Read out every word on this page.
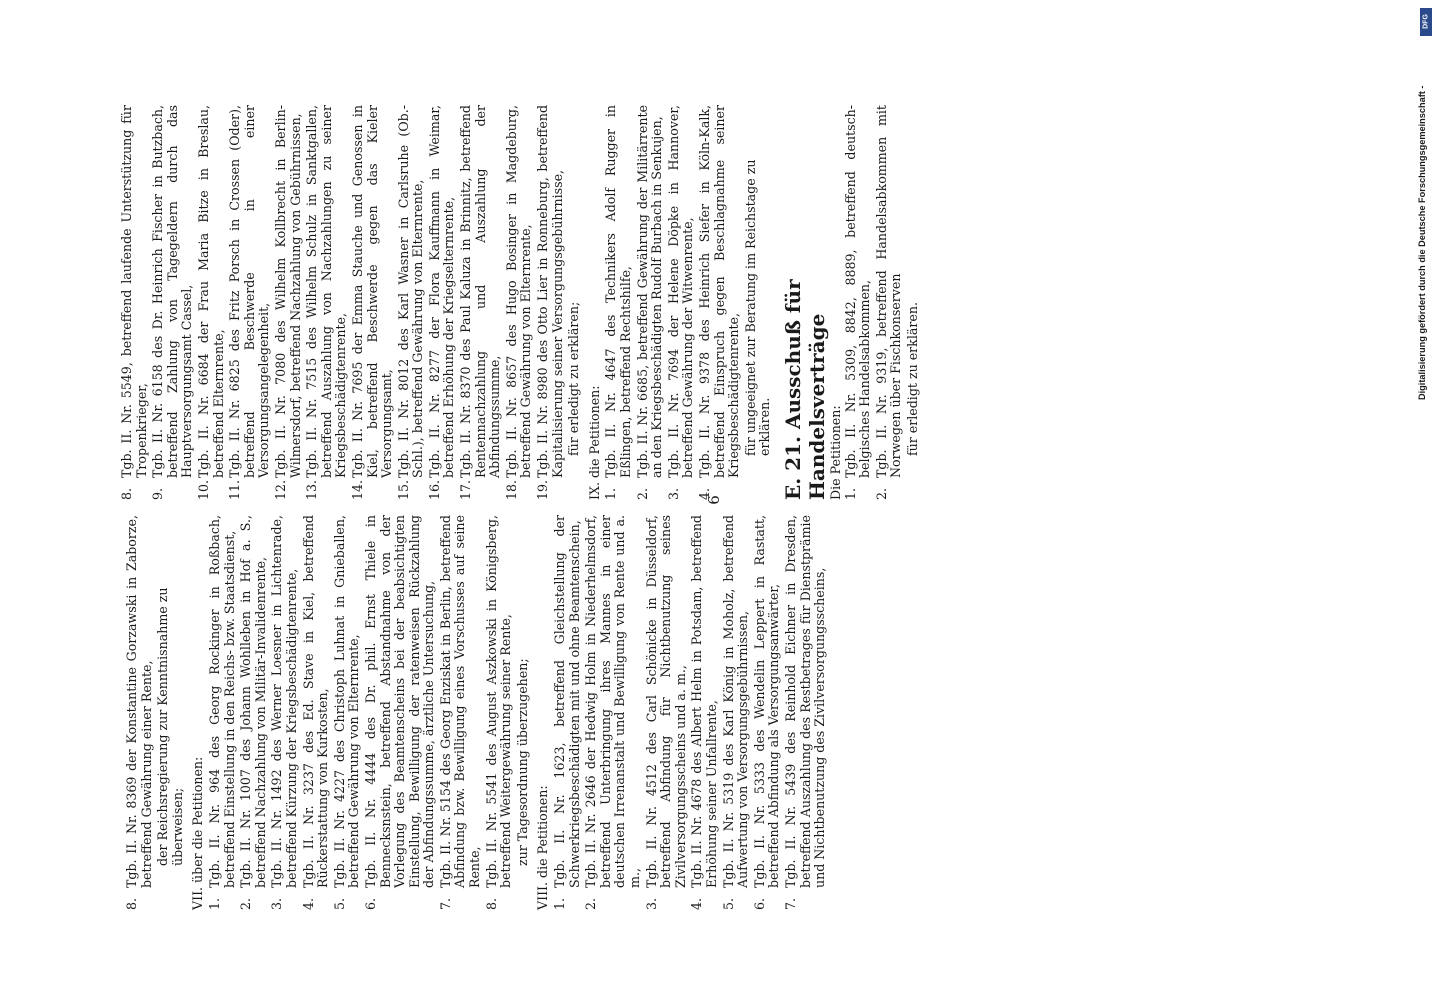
6
8.
Tgb. II. Nr. 8369 der Konstantine Gorzawski in Zaborze, betreffend Gewährung einer Rente, der Reichsregierung zur Kenntnisnahme zu überweisen; VII. über die Petitionen: 1.
Tgb. II. Nr. 964 des Georg Rockinger in Roßbach, betreffend Einstellung in den Reichs- bzw. Staatsdienst,
2.
Tgb. II. Nr. 1007 des Johann Wohlleben in Hof a. S., betreffend Nachzahlung von Militär-Invalidenrente,
3.
Tgb. II. Nr. 1492 des Werner Loesner in Lichtenrade, betreffend Kürzung der Kriegsbeschädigtenrente,
4.
Tgb. II. Nr. 3237 des Ed. Stave in Kiel, betreffend Rückerstattung von Kurkosten,
5.
Tgb. II. Nr. 4227 des Christoph Luhnat in Gnieballen, betreffend Gewährung von Elternrente,
6.
Tgb. II. Nr. 4444 des Dr. phil. Ernst Thiele in Bennecksnstein, betreffend Abstandnahme von der Vorlegung des Beamtenscheins bei der beabsichtigten Einstellung, Bewilligung der ratenweisen Rückzahlung der Abfindungssumme, ärztliche Untersuchung,
7.
Tgb. II. Nr. 5154 des Georg Enziskat in Berlin, betreffend Abfindung bzw. Bewilligung eines Vorschusses auf seine Rente,
8.
Tgb. II. Nr. 5541 des August Aszkowski in Königsberg, betreffend Weitergewährung seiner Rente, zur Tagesordnung überzugehen; VIII. die Petitionen: 1.
Tgb. II. Nr. 1623, betreffend Gleichstellung der Schwerkriegsbeschädigten mit und ohne Beamtenschein,
2.
Tgb. II. Nr. 2646 der Hedwig Holm in Niederhelmsdorf, betreffend Unterbringung ihres Mannes in einer deutschen Irrenanstalt und Bewilligung von Rente und a. m.,
3.
Tgb. II. Nr. 4512 des Carl Schönicke in Düsseldorf, betreffend Abfindung für Nichtbenutzung seines Zivilversorgungsscheins und a. m.,
4.
Tgb. II. Nr. 4678 des Albert Helm in Potsdam, betreffend Erhöhung seiner Unfallrente,
5.
Tgb. II. Nr. 5319 des Karl König in Moholz, betreffend Aufwertung von Versorgungsgebührnissen,
6.
Tgb. II. Nr. 5333 des Wendelin Leppert in Rastatt, betreffend Abfindung als Versorgungsanwärter,
7.
Tgb. II. Nr. 5439 des Reinhold Eichner in Dresden, betreffend Auszahlung des Restbetrages für Dienstprämie und Nichtbenutzung des Zivilversorgungsscheins,
8.
Tgb. II. Nr. 5549, betreffend laufende Unterstützung für Tropenkrieger,
9.
Tgb. II. Nr. 6158 des Dr. Heinrich Fischer in Butzbach, betreffend Zahlung von Tagegeldern durch das Hauptversorgungsamt Cassel,
10.
Tgb. II. Nr. 6684 der Frau Maria Bitze in Breslau, betreffend Elternrente,
11.
Tgb. II. Nr. 6825 des Fritz Porsch in Crossen (Oder), betreffend Beschwerde in einer Versorgungsangelegenheit,
12.
Tgb. II. Nr. 7080 des Wilhelm Kollbrecht in Berlin-Wilmersdorf, betreffend Nachzahlung von Gebührnissen,
13.
Tgb. II. Nr. 7515 des Wilhelm Schulz in Sanktgallen, betreffend Auszahlung von Nachzahlungen zu seiner Kriegsbeschädigtenrente,
14.
Tgb. II. Nr. 7695 der Emma Stauche und Genossen in Kiel, betreffend Beschwerde gegen das Kieler Versorgungsamt,
15.
Tgb. II. Nr. 8012 des Karl Wasner in Carlsruhe (Ob.-Schl.), betreffend Gewährung von Elternrente,
16.
Tgb. II. Nr. 8277 der Flora Kauffmann in Weimar, betreffend Erhöhung der Kriegselternrente,
17.
Tgb. II. Nr. 8370 des Paul Kaluza in Brinnitz, betreffend Rentennachzahlung und Auszahlung der Abfindungssumme,
18.
Tgb. II. Nr. 8657 des Hugo Bosinger in Magdeburg, betreffend Gewährung von Elternrente,
19.
Tgb. II. Nr. 8980 des Otto Lier in Ronneburg, betreffend Kapitalisierung seiner Versorgungsgebührnisse, für erledigt zu erklären; IX. die Petitionen: 1.
Tgb. II. Nr. 4647 des Technikers Adolf Rugger in Eßlingen, betreffend Rechtshilfe,
2.
Tgb. II. Nr. 6685, betreffend Gewährung der Militärrente an den Kriegsbeschädigten Rudolf Burbach in Senkujen,
3.
Tgb. II. Nr. 7694 der Helene Döpke in Hannover, betreffend Gewährung der Witwenrente,
4.
Tgb. II. Nr. 9378 des Heinrich Siefer in Köln-Kalk, betreffend Einspruch gegen Beschlagnahme seiner Kriegsbeschädigtenrente, für ungeeignet zur Beratung im Reichstage zu erklären. E. 21. Ausschuß für Handelsverträge Die Petitionen: 1.
Tgb. II. Nr. 5309, 8842, 8889, betreffend deutsch-belgisches Handelsabkommen,
2.
Tgb. II. Nr. 9319, betreffend Handelsabkommen mit Norwegen über Fischkonserven für erledigt zu erklären.	Digitalisierung gefördert durch die Deutsche Forschungsgemeinschaft -
DFG
